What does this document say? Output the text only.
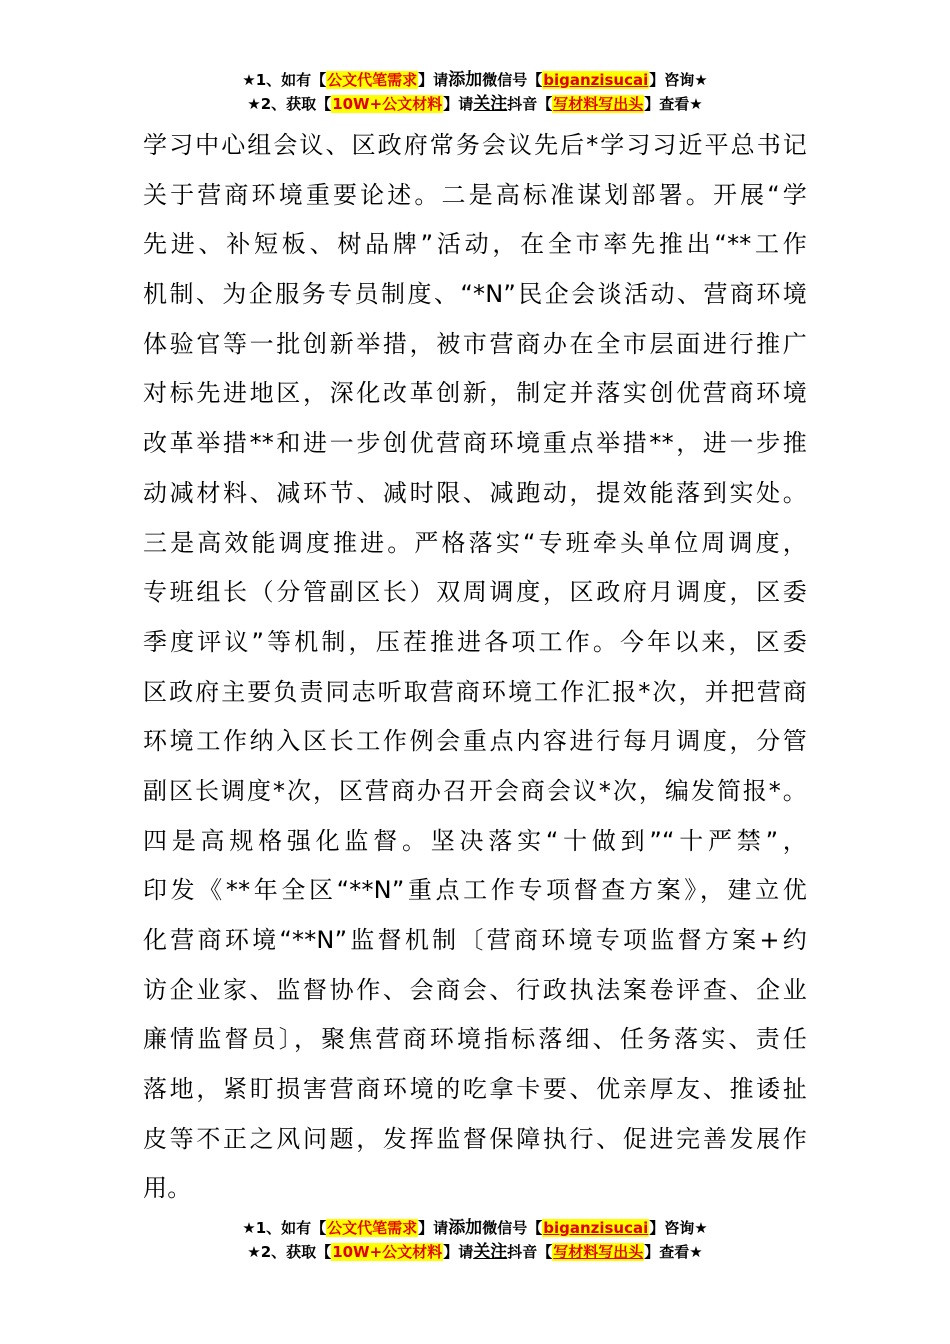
★1、如有【公文代笔需求】请添加微信号【biganzisucai】咨询★
★2、获取【10W+公文材料】请关注抖音【写材料写出头】查看★
学习中心组会议、区政府常务会议先后*学习习近平总书记
关于营商环境重要论述。二是高标准谋划部署。开展“学
先进、补短板、树品牌”活动，在全市率先推出“**工作
机制、为企服务专员制度、“*N”民企会谈活动、营商环境
体验官等一批创新举措，被市营商办在全市层面进行推广
对标先进地区，深化改革创新，制定并落实创优营商环境
改革举措**和进一步创优营商环境重点举措**，进一步推
动减材料、减环节、减时限、减跑动，提效能落到实处。
三是高效能调度推进。严格落实“专班牵头单位周调度，
专班组长（分管副区长）双周调度，区政府月调度，区委
季度评议”等机制，压茬推进各项工作。今年以来，区委
区政府主要负责同志听取营商环境工作汇报*次，并把营商
环境工作纳入区长工作例会重点内容进行每月调度，分管
副区长调度*次，区营商办召开会商会议*次，编发简报*。
四是高规格强化监督。坚决落实“十做到”“十严禁”，
印发《**年全区“**N”重点工作专项督查方案》，建立优
化营商环境“**N”监督机制〔营商环境专项监督方案+约
访企业家、监督协作、会商会、行政执法案卷评查、企业
廉情监督员〕，聚焦营商环境指标落细、任务落实、责任
落地，紧盯损害营商环境的吃拿卡要、优亲厚友、推诿扯
皮等不正之风问题，发挥监督保障执行、促进完善发展作
用。
★1、如有【公文代笔需求】请添加微信号【biganzisucai】咨询★
★2、获取【10W+公文材料】请关注抖音【写材料写出头】查看★
